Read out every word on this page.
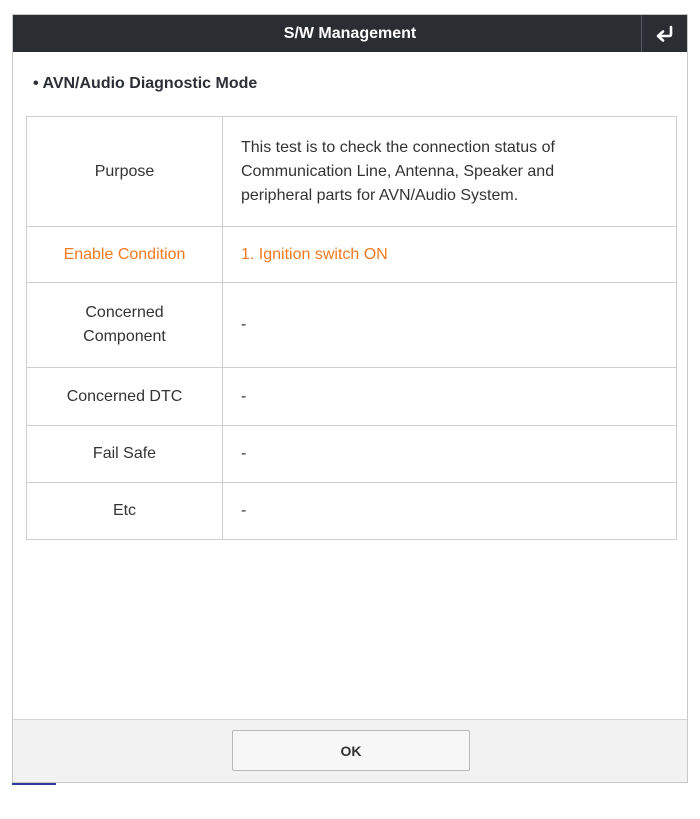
S/W Management
• AVN/Audio Diagnostic Mode
Purpose	This test is to check the connection status of
Communication Line, Antenna, Speaker and
peripheral parts for AVN/Audio System.

Enable Condition	1. Ignition switch ON

Concerned
Component	-

Concerned DTC	-

Fail Safe	-

Etc	-
OK
